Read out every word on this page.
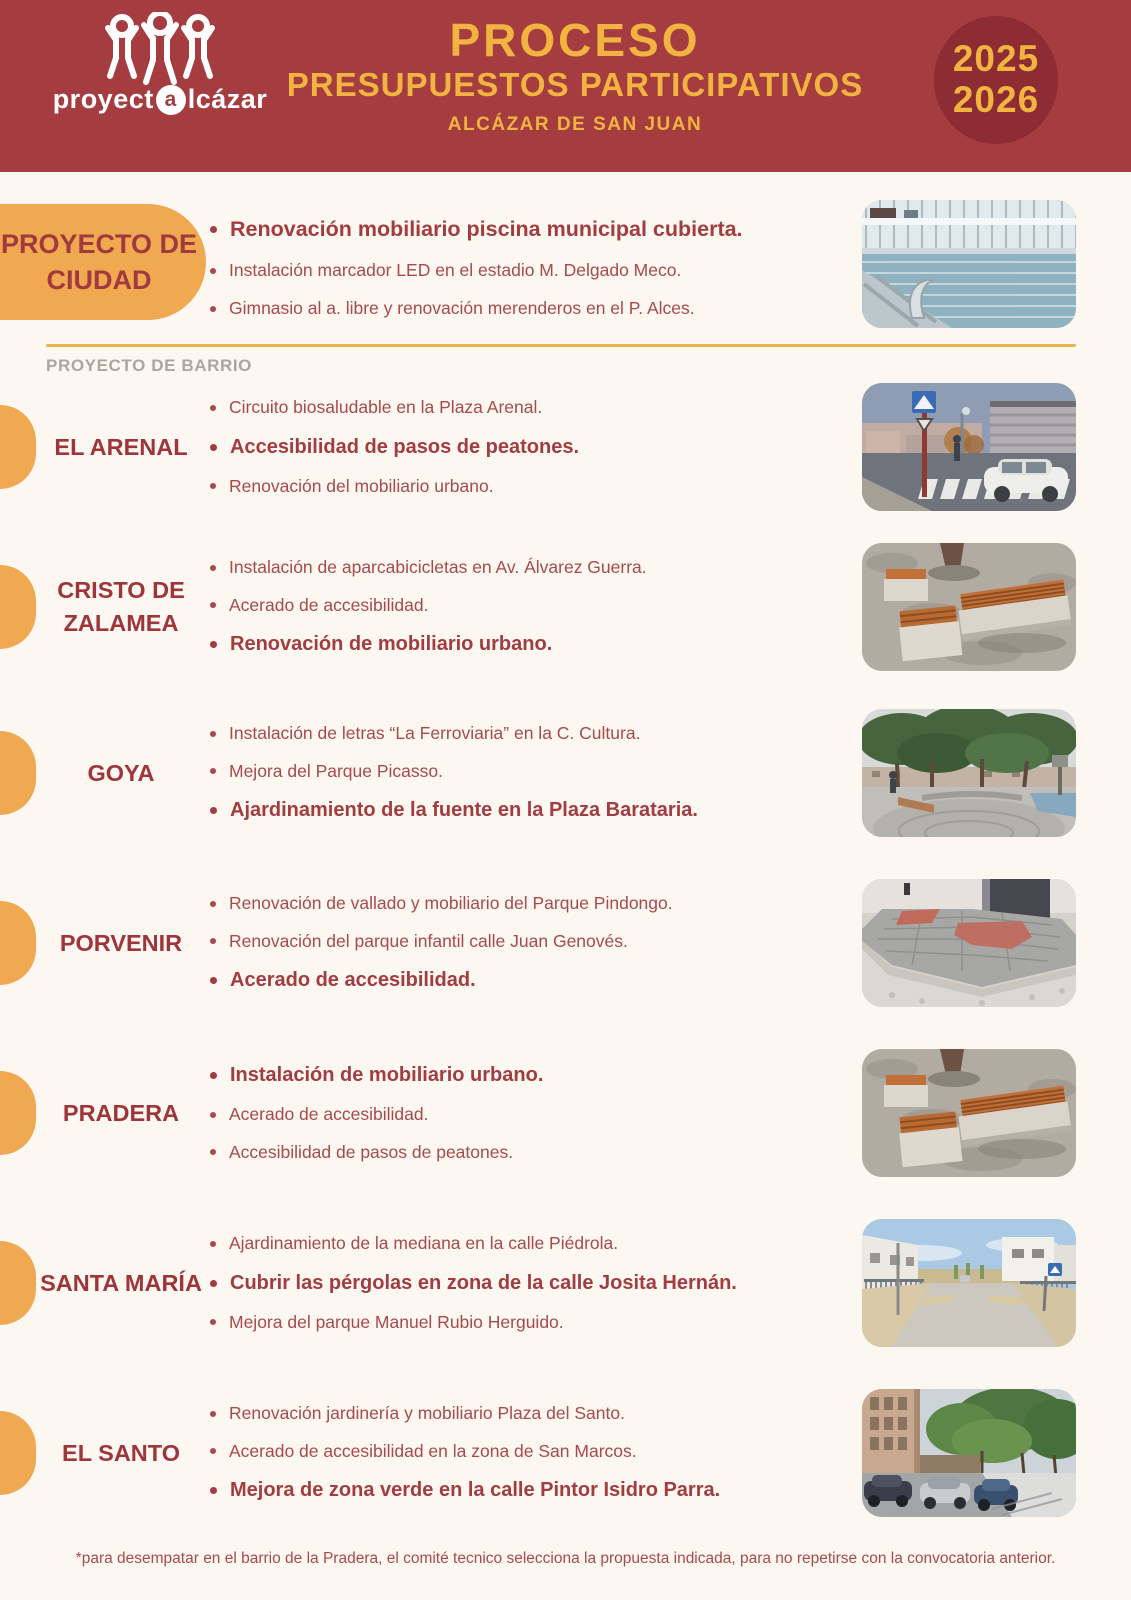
proyect a lcázar
PROCESO
PRESUPUESTOS PARTICIPATIVOS
ALCÁZAR DE SAN JUAN
2025
2026
PROYECTO DE CIUDAD
Renovación mobiliario piscina municipal cubierta.
Instalación marcador LED en el estadio M. Delgado Meco.
Gimnasio al a. libre y renovación merenderos en el P. Alces.
PROYECTO DE BARRIO
EL ARENAL
Circuito biosaludable en la Plaza Arenal.
Accesibilidad de pasos de peatones.
Renovación del mobiliario urbano.
CRISTO DE ZALAMEA
Instalación de aparcabicicletas en Av. Álvarez Guerra.
Acerado de accesibilidad.
Renovación de mobiliario urbano.
GOYA
Instalación de letras “La Ferroviaria” en la C. Cultura.
Mejora del Parque Picasso.
Ajardinamiento de la fuente en la Plaza Barataria.
PORVENIR
Renovación de vallado y mobiliario del Parque Pindongo.
Renovación del parque infantil calle Juan Genovés.
Acerado de accesibilidad.
PRADERA
Instalación de mobiliario urbano.
Acerado de accesibilidad.
Accesibilidad de pasos de peatones.
SANTA MARÍA
Ajardinamiento de la mediana en la calle Piédrola.
Cubrir las pérgolas en zona de la calle Josita Hernán.
Mejora del parque Manuel Rubio Herguido.
EL SANTO
Renovación jardinería y mobiliario Plaza del Santo.
Acerado de accesibilidad en la zona de San Marcos.
Mejora de zona verde en la calle Pintor Isidro Parra.
*para desempatar en el barrio de la Pradera, el comité tecnico selecciona la propuesta indicada, para no repetirse con la convocatoria anterior.
